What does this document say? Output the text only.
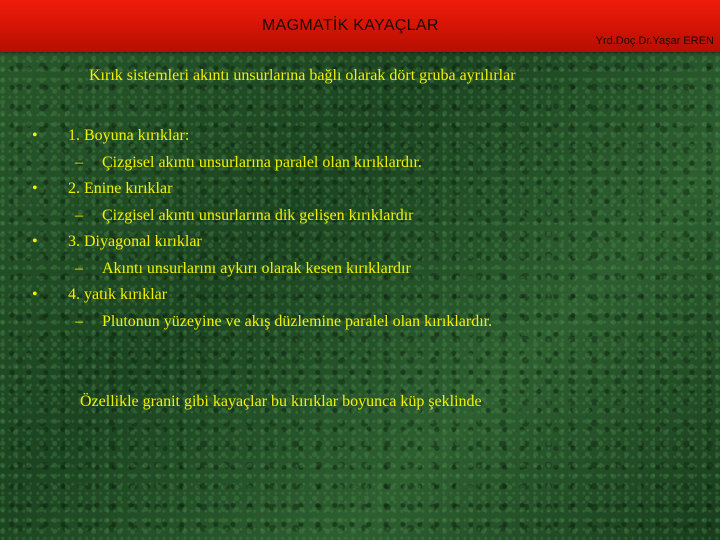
MAGMATİK KAYAÇLAR
Yrd.Doç.Dr.Yaşar EREN
Kırık sistemleri akıntı unsurlarına bağlı olarak dört gruba ayrılırlar
• 1. Boyuna kırıklar:
– Çizgisel akıntı unsurlarına paralel olan kırıklardır.
• 2. Enine kırıklar
– Çizgisel akıntı unsurlarına dik gelişen kırıklardır
• 3. Diyagonal kırıklar
– Akıntı unsurlarını aykırı olarak kesen kırıklardır
• 4. yatık kırıklar
– Plutonun yüzeyine ve akış düzlemine paralel olan kırıklardır.
Özellikle granit gibi kayaçlar bu kırıklar boyunca küp şeklinde
